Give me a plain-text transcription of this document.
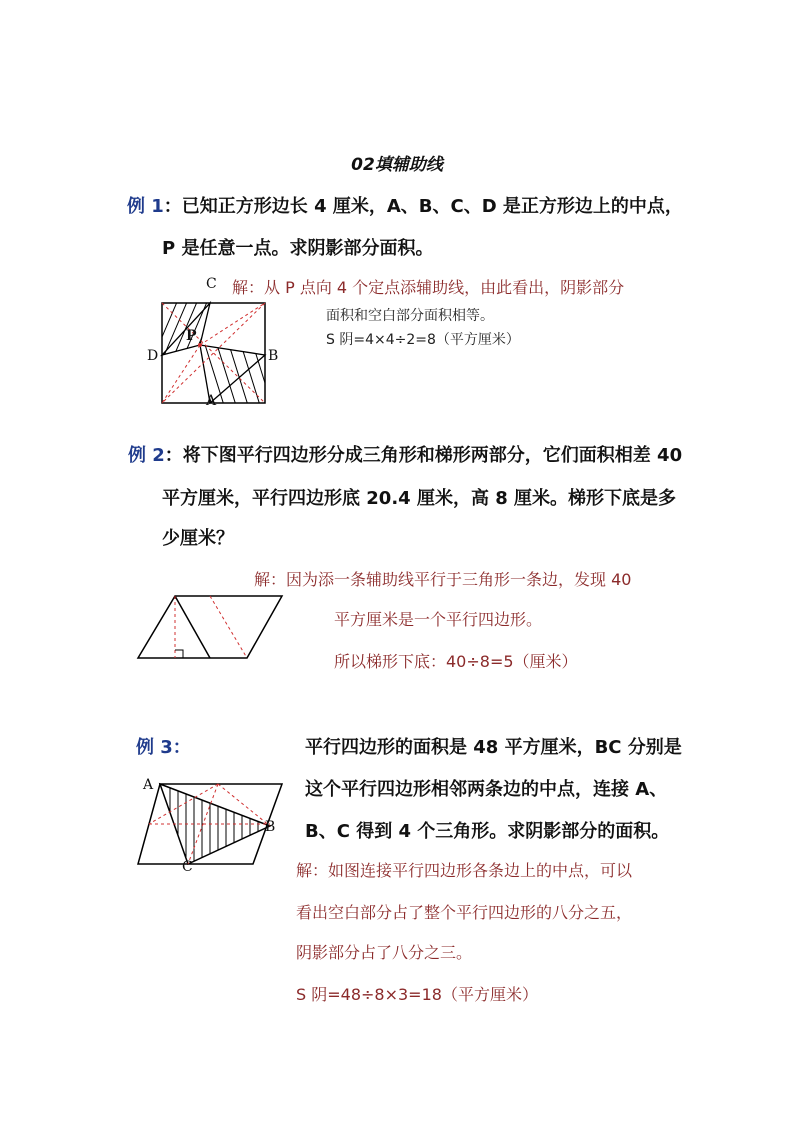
02填辅助线
例 1：已知正方形边长 4 厘米，A、B、C、D 是正方形边上的中点，
P 是任意一点。求阴影部分面积。
C 解：从 P 点向 4 个定点添辅助线，由此看出，阴影部分
面积和空白部分面积相等。
S 阴=4×4÷2=8（平方厘米）
P
D	B
A
例 2：将下图平行四边形分成三角形和梯形两部分，它们面积相差 40
平方厘米，平行四边形底 20.4 厘米，高 8 厘米。梯形下底是多
少厘米？
解：因为添一条辅助线平行于三角形一条边，发现 40
平方厘米是一个平行四边形。
所以梯形下底：40÷8=5（厘米）
例 3：	平行四边形的面积是 48 平方厘米，BC 分别是
这个平行四边形相邻两条边的中点，连接 A、
B、C 得到 4 个三角形。求阴影部分的面积。
解：如图连接平行四边形各条边上的中点，可以
看出空白部分占了整个平行四边形的八分之五，
阴影部分占了八分之三。
S 阴=48÷8×3=18（平方厘米）
A
B
C
